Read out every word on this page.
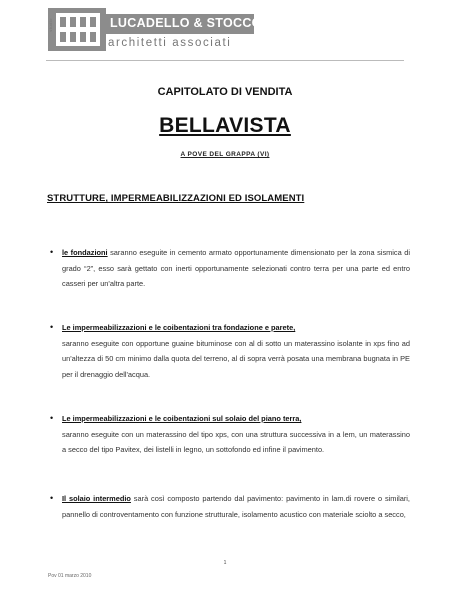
LUCADELLO & STOCCO
architetti associati
studio
CAPITOLATO DI VENDITA
BELLAVISTA
A POVE DEL GRAPPA (VI)
STRUTTURE, IMPERMEABILIZZAZIONI ED ISOLAMENTI
• le fondazioni saranno eseguite in cemento armato opportunamente dimensionato per la zona sismica di grado “2”, esso sarà gettato con inerti opportunamente selezionati contro terra per una parte ed entro casseri per un'altra parte.
• Le impermeabilizzazioni e le coibentazioni tra fondazione e parete,
saranno eseguite con opportune guaine bituminose con al di sotto un materassino isolante in xps fino ad un'altezza di 50 cm minimo dalla quota del terreno, al di sopra verrà posata una membrana bugnata in PE per il drenaggio dell'acqua.
• Le impermeabilizzazioni e le coibentazioni sul solaio del piano terra,
saranno eseguite con un materassino del tipo xps, con una struttura successiva in a lem, un materassino a secco del tipo Pavitex, dei listelli in legno, un sottofondo ed infine il pavimento.
• Il solaio intermedio sarà così composto partendo dal pavimento: pavimento in lam.di rovere o similari, pannello di controventamento con funzione strutturale, isolamento acustico con materiale sciolto a secco,
1
Pov 01 marzo 2010
